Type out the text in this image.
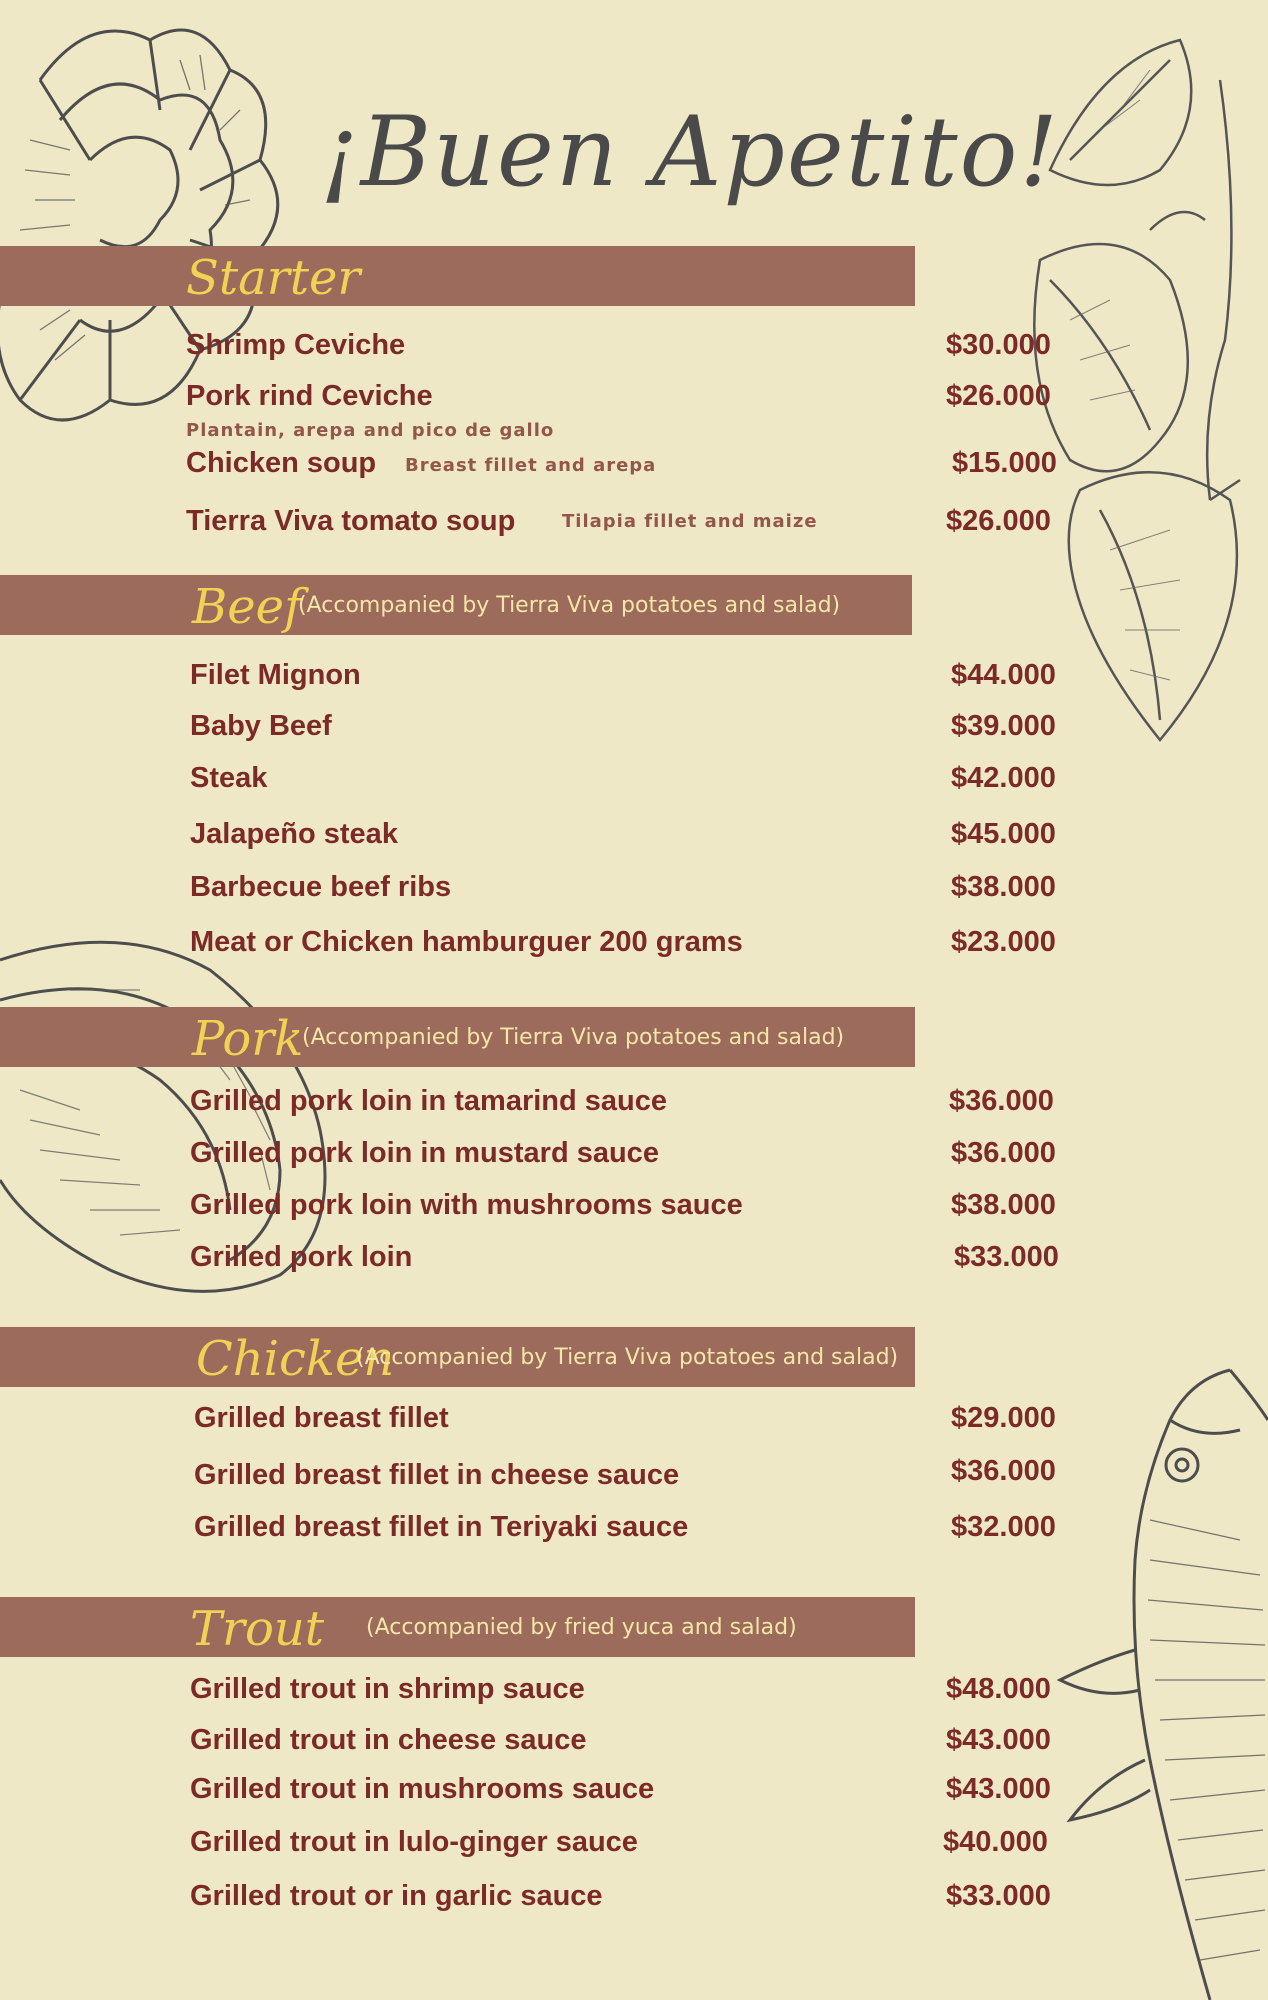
¡Buen Apetito!
Starter
Shrimp Ceviche	$30.000
Pork rind Ceviche	$26.000
Plantain, arepa and pico de gallo
Chicken soup Breast fillet and arepa	$15.000
Tierra Viva tomato soup	Tilapia fillet and maize	$26.000
Beef
(Accompanied by Tierra Viva potatoes and salad)
Filet Mignon	$44.000
Baby Beef	$39.000
Steak	$42.000
Jalapeño steak	$45.000
Barbecue beef ribs	$38.000
Meat or Chicken hamburguer 200 grams	$23.000
Pork
(Accompanied by Tierra Viva potatoes and salad)
Grilled pork loin in tamarind sauce	$36.000
Grilled pork loin in mustard sauce	$36.000
Grilled pork loin with mushrooms sauce	$38.000
Grilled pork loin	$33.000
Chicken
(Accompanied by Tierra Viva potatoes and salad)
Grilled breast fillet	$29.000
Grilled breast fillet in cheese sauce	$36.000
Grilled breast fillet in Teriyaki sauce	$32.000
Trout (Accompanied by fried yuca and salad)
Grilled trout in shrimp sauce	$48.000
Grilled trout in cheese sauce	$43.000
Grilled trout in mushrooms sauce	$43.000
Grilled trout in lulo-ginger sauce	$40.000
Grilled trout or in garlic sauce	$33.000
